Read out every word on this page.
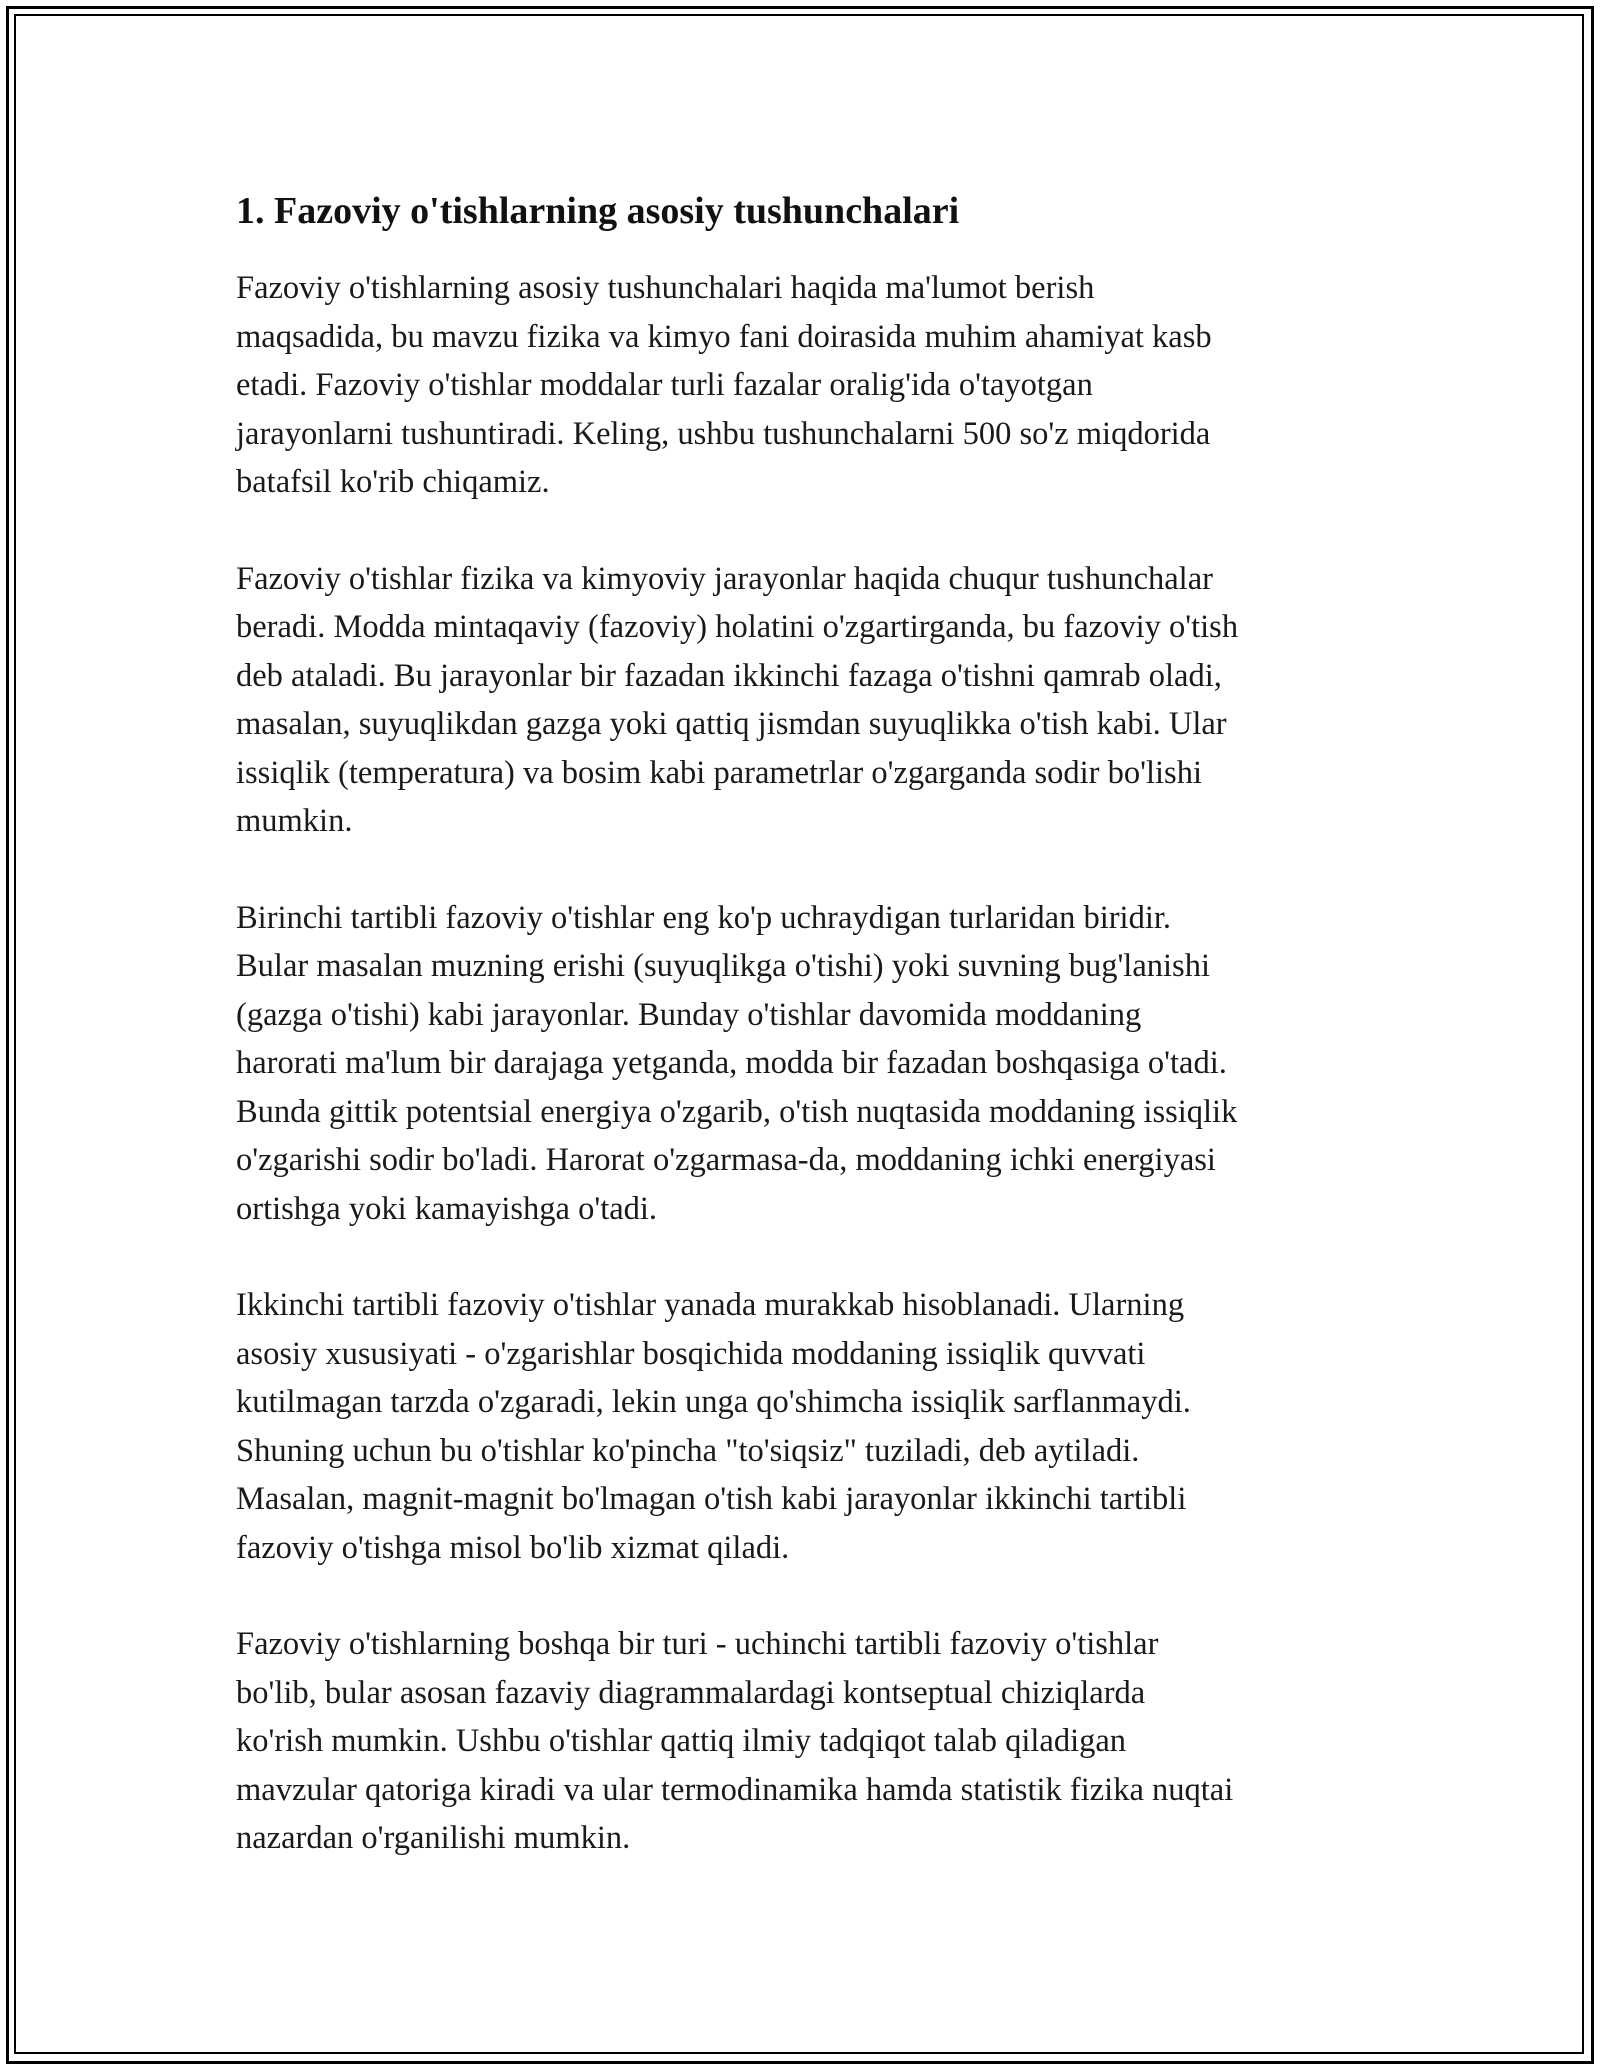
1. Fazoviy o'tishlarning asosiy tushunchalari

Fazoviy o'tishlarning asosiy tushunchalari haqida ma'lumot berish
maqsadida, bu mavzu fizika va kimyo fani doirasida muhim ahamiyat kasb
etadi. Fazoviy o'tishlar moddalar turli fazalar oralig'ida o'tayotgan
jarayonlarni tushuntiradi. Keling, ushbu tushunchalarni 500 so'z miqdorida
batafsil ko'rib chiqamiz.

Fazoviy o'tishlar fizika va kimyoviy jarayonlar haqida chuqur tushunchalar
beradi. Modda mintaqaviy (fazoviy) holatini o'zgartirganda, bu fazoviy o'tish
deb ataladi. Bu jarayonlar bir fazadan ikkinchi fazaga o'tishni qamrab oladi,
masalan, suyuqlikdan gazga yoki qattiq jismdan suyuqlikka o'tish kabi. Ular
issiqlik (temperatura) va bosim kabi parametrlar o'zgarganda sodir bo'lishi
mumkin.

Birinchi tartibli fazoviy o'tishlar eng ko'p uchraydigan turlaridan biridir.
Bular masalan muzning erishi (suyuqlikga o'tishi) yoki suvning bug'lanishi
(gazga o'tishi) kabi jarayonlar. Bunday o'tishlar davomida moddaning
harorati ma'lum bir darajaga yetganda, modda bir fazadan boshqasiga o'tadi.
Bunda gittik potentsial energiya o'zgarib, o'tish nuqtasida moddaning issiqlik
o'zgarishi sodir bo'ladi. Harorat o'zgarmasa-da, moddaning ichki energiyasi
ortishga yoki kamayishga o'tadi.

Ikkinchi tartibli fazoviy o'tishlar yanada murakkab hisoblanadi. Ularning
asosiy xususiyati - o'zgarishlar bosqichida moddaning issiqlik quvvati
kutilmagan tarzda o'zgaradi, lekin unga qo'shimcha issiqlik sarflanmaydi.
Shuning uchun bu o'tishlar ko'pincha "to'siqsiz" tuziladi, deb aytiladi.
Masalan, magnit-magnit bo'lmagan o'tish kabi jarayonlar ikkinchi tartibli
fazoviy o'tishga misol bo'lib xizmat qiladi.

Fazoviy o'tishlarning boshqa bir turi - uchinchi tartibli fazoviy o'tishlar
bo'lib, bular asosan fazaviy diagrammalardagi kontseptual chiziqlarda
ko'rish mumkin. Ushbu o'tishlar qattiq ilmiy tadqiqot talab qiladigan
mavzular qatoriga kiradi va ular termodinamika hamda statistik fizika nuqtai
nazardan o'rganilishi mumkin.
